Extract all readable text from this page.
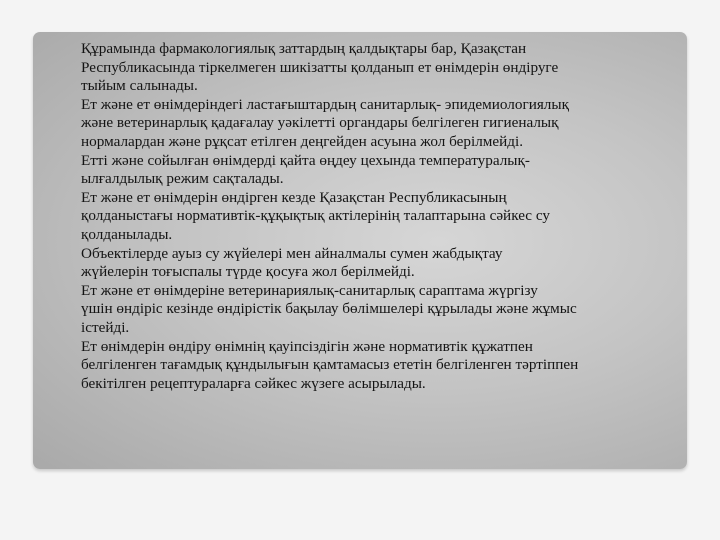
Құрамында фармакологиялық заттардың қалдықтары бар, Қазақстан
Республикасында тіркелмеген шикізатты қолданып ет өнімдерін өндіруге
тыйым салынады.

Ет және ет өнімдеріндегі ластағыштардың санитарлық- эпидемиологиялық
және ветеринарлық қадағалау уәкілетті органдары белгілеген гигиеналық
нормалардан және рұқсат етілген деңгейден асуына жол берілмейді.

Етті және сойылған өнімдерді қайта өңдеу цехында температуралық-
ылғалдылық режим сақталады.

Ет және ет өнімдерін өндірген кезде Қазақстан Республикасының
қолданыстағы нормативтік-құқықтық актілерінің талаптарына сәйкес су
қолданылады.

Объектілерде ауыз су жүйелері мен айналмалы сумен жабдықтау
жүйелерін тоғыспалы түрде қосуға жол берілмейді.

Ет және ет өнімдеріне ветеринариялық-санитарлық сараптама жүргізу
үшін өндіріс кезінде өндірістік бақылау бөлімшелері құрылады және жұмыс
істейді.

Ет өнімдерін өндіру өнімнің қауіпсіздігін және нормативтік құжатпен
белгіленген тағамдық құндылығын қамтамасыз ететін белгіленген тәртіппен
бекітілген рецептураларға сәйкес жүзеге асырылады.
